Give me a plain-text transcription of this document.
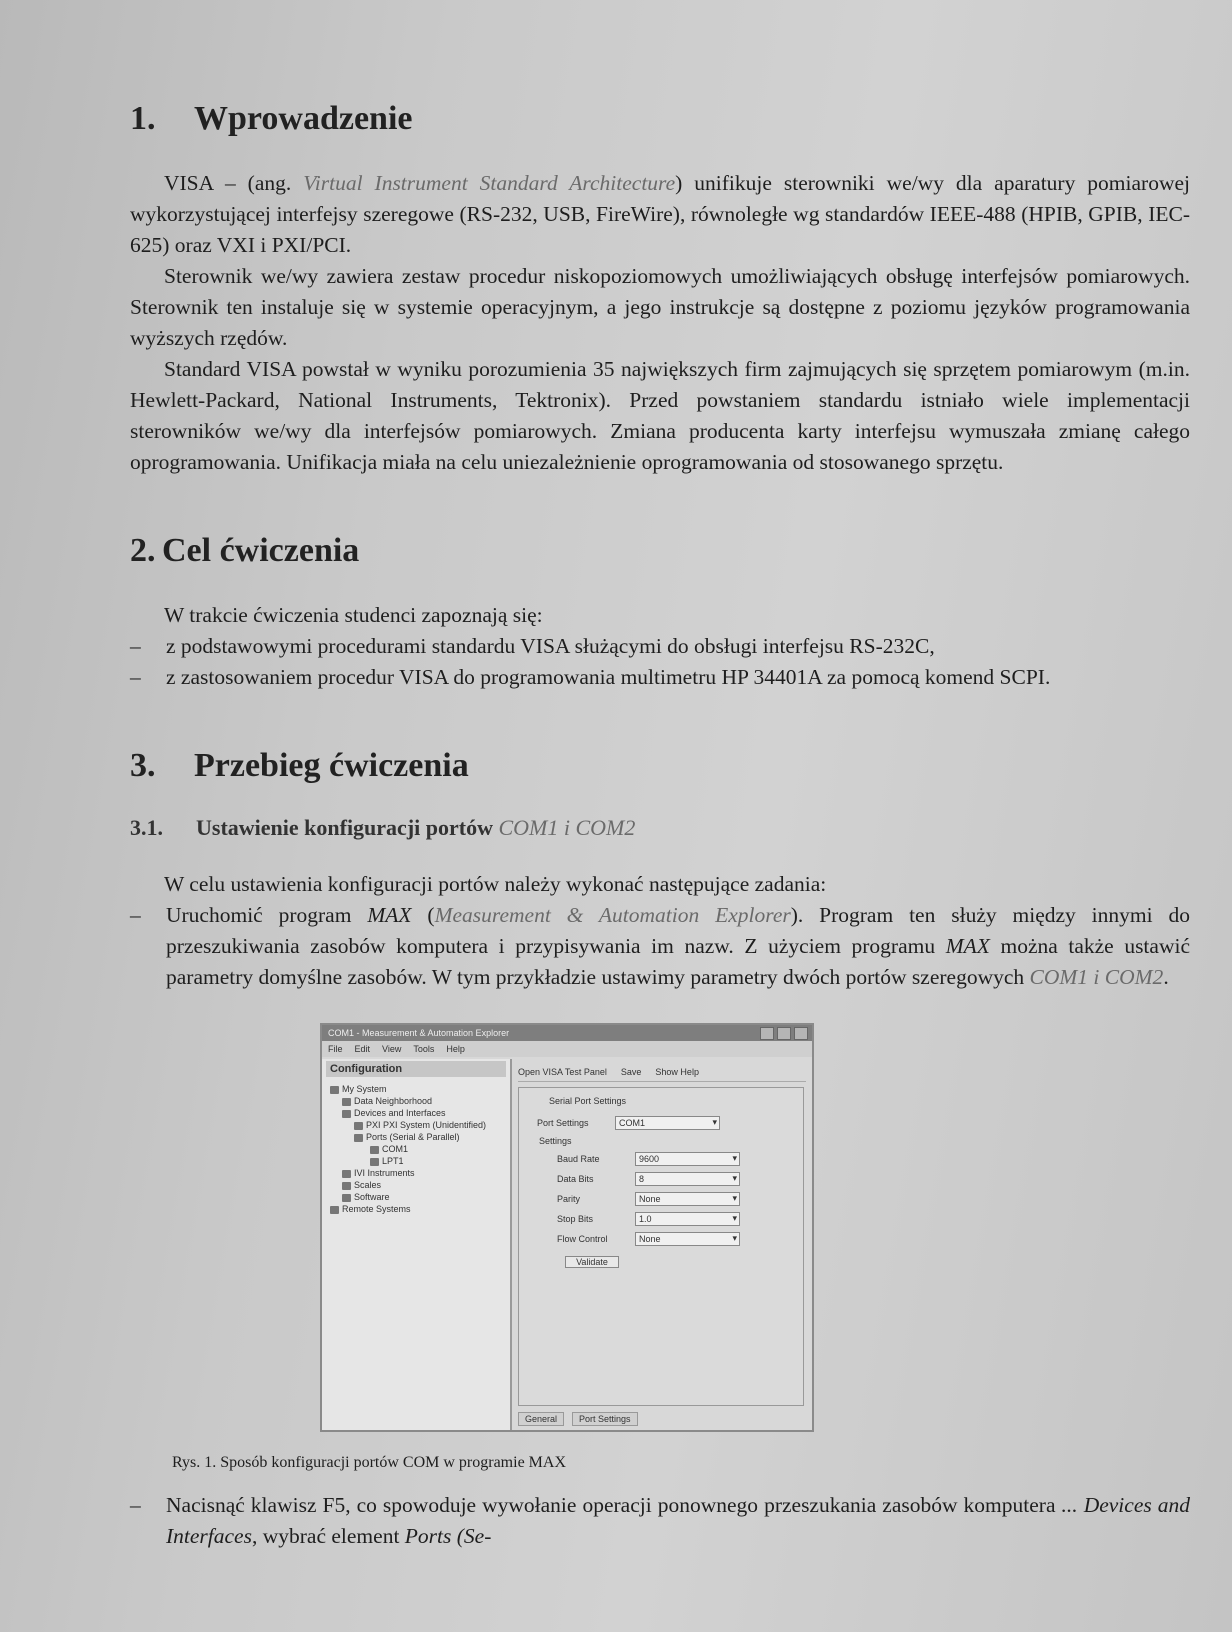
1. Wprowadzenie

VISA – (ang. Virtual Instrument Standard Architecture) unifikuje sterowniki we/wy dla aparatury pomiarowej wykorzystującej interfejsy szeregowe (RS-232, USB, FireWire), równoległe wg standardów IEEE-488 (HPIB, GPIB, IEC-625) oraz VXI i PXI/PCI.

Sterownik we/wy zawiera zestaw procedur niskopoziomowych umożliwiających obsługę interfejsów pomiarowych. Sterownik ten instaluje się w systemie operacyjnym, a jego instrukcje są dostępne z poziomu języków programowania wyższych rzędów.

Standard VISA powstał w wyniku porozumienia 35 największych firm zajmujących się sprzętem pomiarowym (m.in. Hewlett-Packard, National Instruments, Tektronix). Przed powstaniem standardu istniało wiele implementacji sterowników we/wy dla interfejsów pomiarowych. Zmiana producenta karty interfejsu wymuszała zmianę całego oprogramowania. Unifikacja miała na celu uniezależnienie oprogramowania od stosowanego sprzętu.

2. Cel ćwiczenia

W trakcie ćwiczenia studenci zapoznają się:

– z podstawowymi procedurami standardu VISA służącymi do obsługi interfejsu RS-232C,
– z zastosowaniem procedur VISA do programowania multimetru HP 34401A za pomocą komend SCPI.
3. Przebieg ćwiczenia
3.1. Ustawienie konfiguracji portów COM1 i COM2

W celu ustawienia konfiguracji portów należy wykonać następujące zadania:

– Uruchomić program MAX (Measurement & Automation Explorer). Program ten służy między innymi do przeszukiwania zasobów komputera i przypisywania im nazw. Z użyciem programu MAX można także ustawić parametry domyślne zasobów. W tym przykładzie ustawimy parametry dwóch portów szeregowych COM1 i COM2.
COM1 - Measurement & Automation Explorer
File Edit View Tools Help
Configuration
My System
Data Neighborhood
Devices and Interfaces
PXI PXI System (Unidentified)
Ports (Serial & Parallel)
COM1
LPT1
IVI Instruments
Scales
Software
Remote Systems
Open VISA Test Panel Save Show Help
Serial Port Settings
Port Settings	COM1 ▾
Settings
Baud Rate	9600 ▾
Data Bits	8 ▾
Parity	None ▾
Stop Bits	1.0 ▾
Flow Control	None ▾
Validate
General	Port Settings
Rys. 1. Sposób konfiguracji portów COM w programie MAX
– Nacisnąć klawisz F5, co spowoduje wywołanie operacji ponownego przeszukania zasobów komputera ... Devices and Interfaces, wybrać element Ports (Se-
